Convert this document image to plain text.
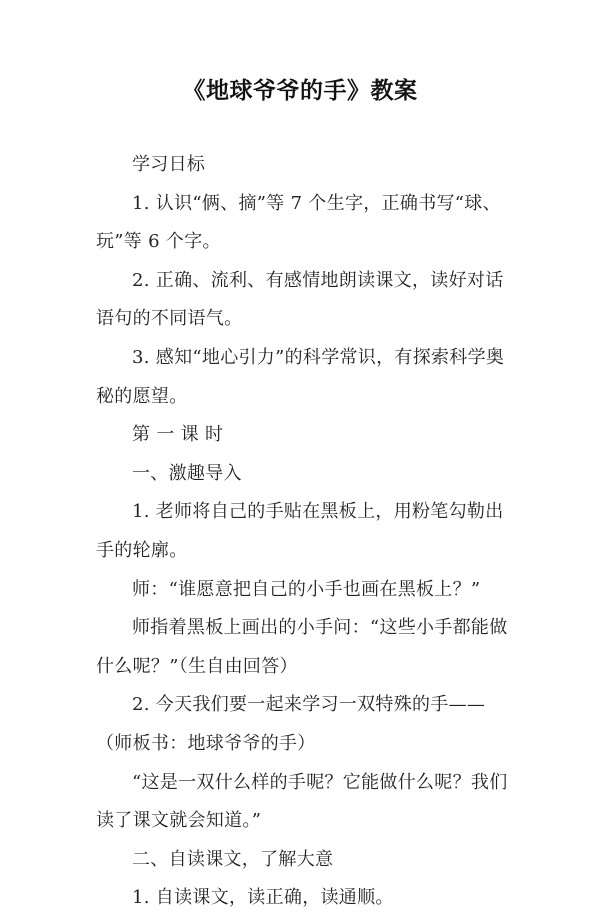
《地球爷爷的手》教案

学习日标

1. 认识“俩、摘”等 7 个生字，正确书写“球、玩”等 6 个字。

2. 正确、流利、有感情地朗读课文，读好对话语句的不同语气。

3. 感知“地心引力”的科学常识，有探索科学奥秘的愿望。

第 一 课 时

一、激趣导入

1. 老师将自己的手贴在黑板上，用粉笔勾勒出手的轮廓。

师：“谁愿意把自己的小手也画在黑板上？”

师指着黑板上画出的小手问：“这些小手都能做什么呢？”（生自由回答）

2. 今天我们要一起来学习一双特殊的手——（师板书：地球爷爷的手）

“这是一双什么样的手呢？它能做什么呢？我们读了课文就会知道。”

二、自读课文，了解大意

1. 自读课文，读正确，读通顺。
